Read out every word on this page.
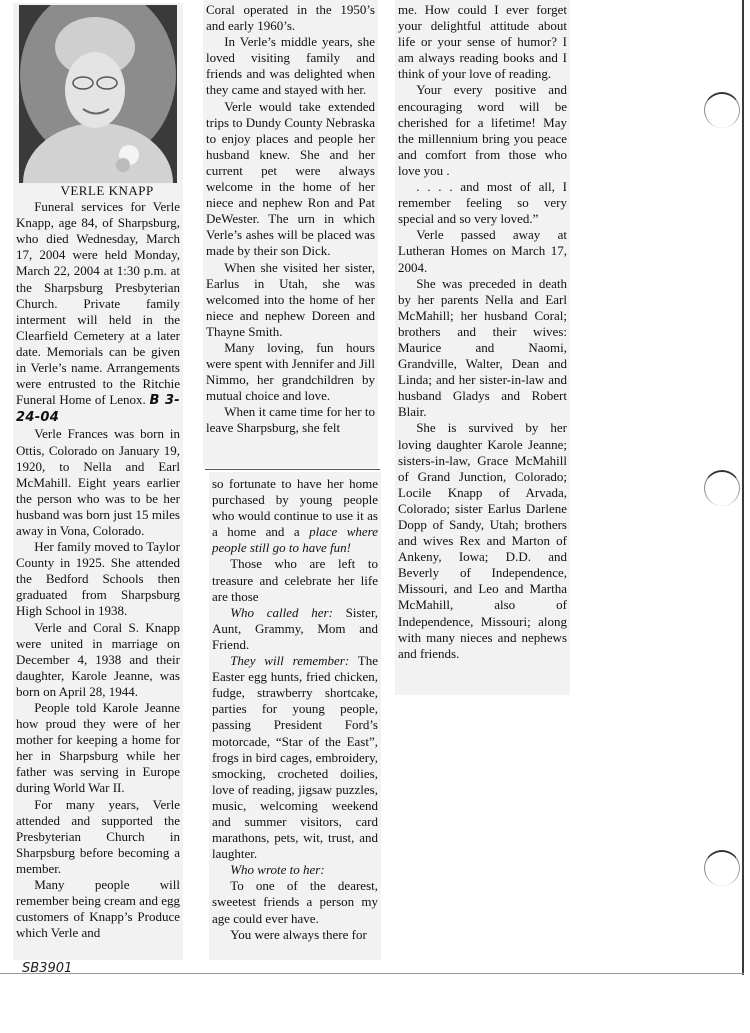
VERLE KNAPP

Funeral services for Verle Knapp, age 84, of Sharpsburg, who died Wednesday, March 17, 2004 were held Monday, March 22, 2004 at 1:30 p.m. at the Sharpsburg Presbyterian Church. Private family interment will held in the Clearfield Cemetery at a later date. Memorials can be given in Verle’s name. Arrangements were entrusted to the Ritchie Funeral Home of Lenox. B 3-24-04

Verle Frances was born in Ottis, Colorado on January 19, 1920, to Nella and Earl McMahill. Eight years earlier the person who was to be her husband was born just 15 miles away in Vona, Colorado.

Her family moved to Taylor County in 1925. She attended the Bedford Schools then graduated from Sharpsburg High School in 1938.

Verle and Coral S. Knapp were united in marriage on December 4, 1938 and their daughter, Karole Jeanne, was born on April 28, 1944.

People told Karole Jeanne how proud they were of her mother for keeping a home for her in Sharpsburg while her father was serving in Europe during World War II.

For many years, Verle attended and supported the Presbyterian Church in Sharpsburg before becoming a member.

Many people will remember being cream and egg customers of Knapp’s Produce which Verle and

Coral operated in the 1950’s and early 1960’s.

In Verle’s middle years, she loved visiting family and friends and was delighted when they came and stayed with her.

Verle would take extended trips to Dundy County Nebraska to enjoy places and people her husband knew. She and her current pet were always welcome in the home of her niece and nephew Ron and Pat DeWester. The urn in which Verle’s ashes will be placed was made by their son Dick.

When she visited her sister, Earlus in Utah, she was welcomed into the home of her niece and nephew Doreen and Thayne Smith.

Many loving, fun hours were spent with Jennifer and Jill Nimmo, her grandchildren by mutual choice and love.

When it came time for her to leave Sharpsburg, she felt

so fortunate to have her home purchased by young people who would continue to use it as a home and a place where people still go to have fun!

Those who are left to treasure and celebrate her life are those

Who called her: Sister, Aunt, Grammy, Mom and Friend.

They will remember: The Easter egg hunts, fried chicken, fudge, strawberry shortcake, parties for young people, passing President Ford’s motorcade, “Star of the East”, frogs in bird cages, embroidery, smocking, crocheted doilies, love of reading, jigsaw puzzles, music, welcoming weekend and summer visitors, card marathons, pets, wit, trust, and laughter.

Who wrote to her:

To one of the dearest, sweetest friends a person my age could ever have.

You were always there for

me. How could I ever forget your delightful attitude about life or your sense of humor? I am always reading books and I think of your love of reading.

Your every positive and encouraging word will be cherished for a lifetime! May the millennium bring you peace and comfort from those who love you .

. . . . and most of all, I remember feeling so very special and so very loved.”

Verle passed away at Lutheran Homes on March 17, 2004.

She was preceded in death by her parents Nella and Earl McMahill; her husband Coral; brothers and their wives: Maurice and Naomi, Grandville, Walter, Dean and Linda; and her sister-in-law and husband Gladys and Robert Blair.

She is survived by her loving daughter Karole Jeanne; sisters-in-law, Grace McMahill of Grand Junction, Colorado; Locile Knapp of Arvada, Colorado; sister Earlus Darlene Dopp of Sandy, Utah; brothers and wives Rex and Marton of Ankeny, Iowa; D.D. and Beverly of Independence, Missouri, and Leo and Martha McMahill, also of Independence, Missouri; along with many nieces and nephews and friends.

SB3901
